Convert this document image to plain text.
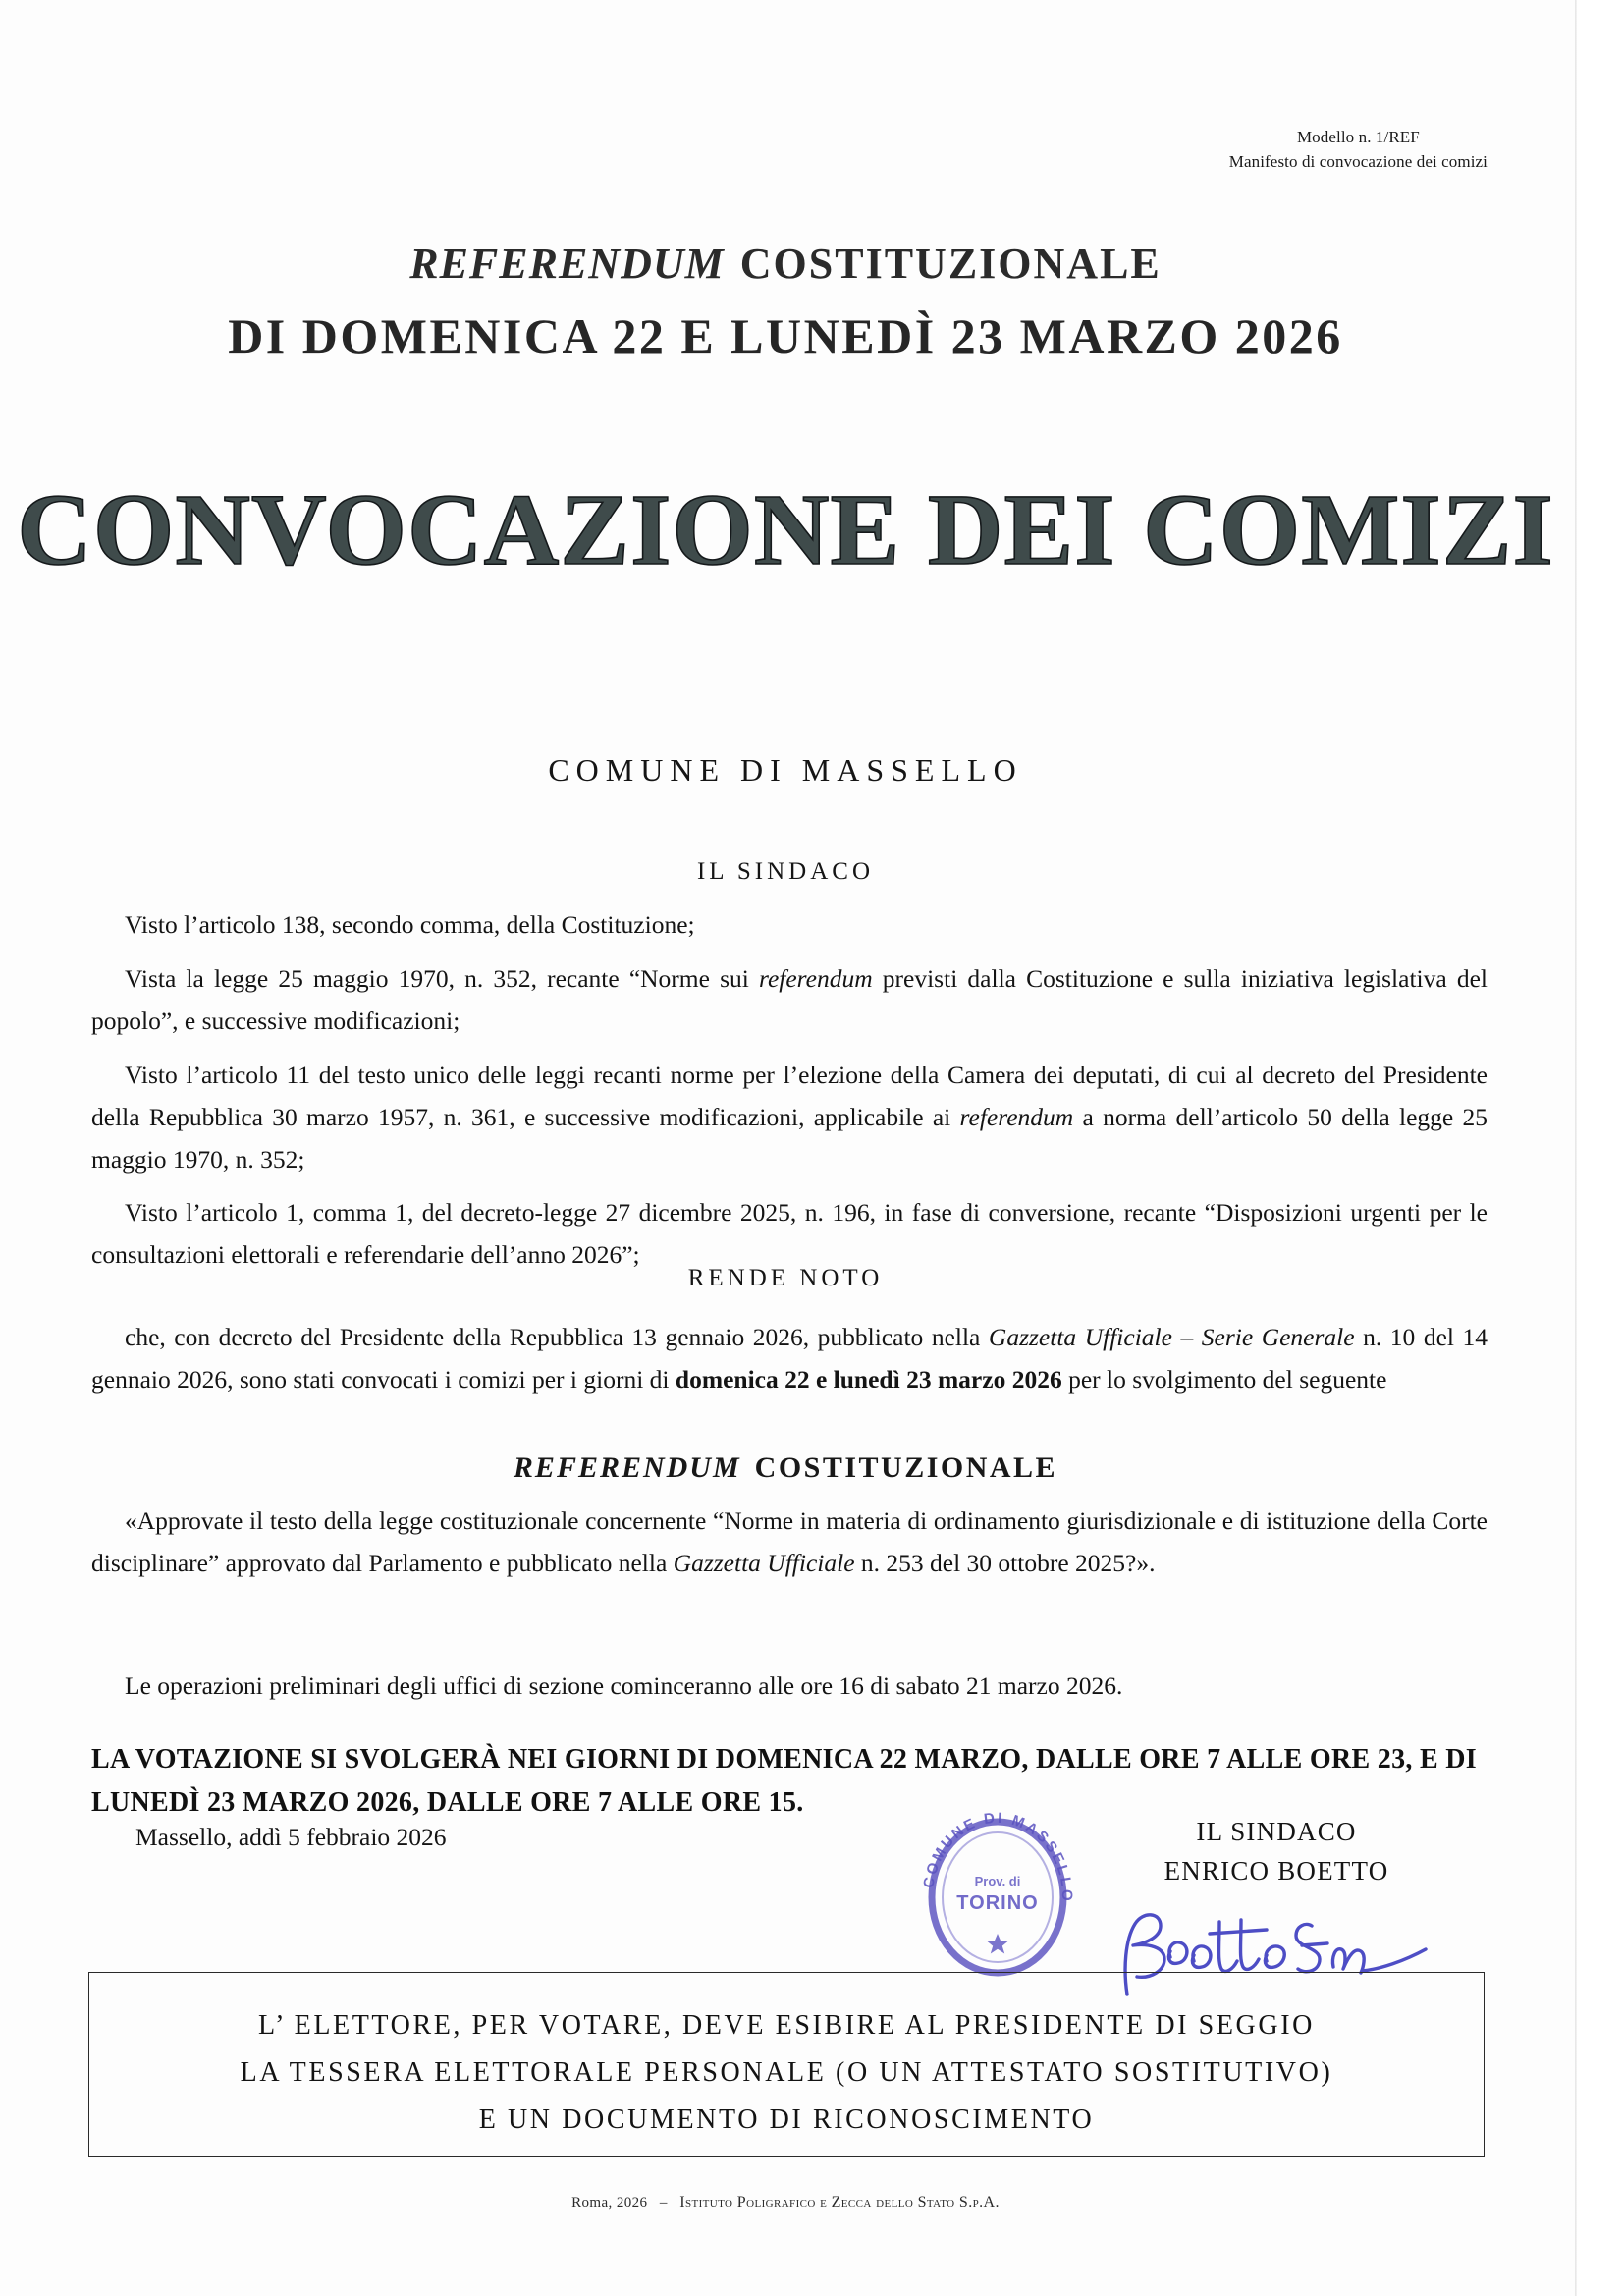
Modello n. 1/REF
Manifesto di convocazione dei comizi
REFERENDUM COSTITUZIONALE
DI DOMENICA 22 E LUNEDÌ 23 MARZO 2026
CONVOCAZIONE DEI COMIZI
COMUNE DI MASSELLO
IL SINDACO

Visto l’articolo 138, secondo comma, della Costituzione;

Vista la legge 25 maggio 1970, n. 352, recante “Norme sui referendum previsti dalla Costituzione e sulla iniziativa legislativa del popolo”, e successive modificazioni;

Visto l’articolo 11 del testo unico delle leggi recanti norme per l’elezione della Camera dei deputati, di cui al decreto del Presidente della Repubblica 30 marzo 1957, n. 361, e successive modificazioni, applicabile ai referendum a norma dell’articolo 50 della legge 25 maggio 1970, n. 352;

Visto l’articolo 1, comma 1, del decreto-legge 27 dicembre 2025, n. 196, in fase di conversione, recante “Disposizioni urgenti per le consultazioni elettorali e referendarie dell’anno 2026”;

RENDE NOTO

che, con decreto del Presidente della Repubblica 13 gennaio 2026, pubblicato nella Gazzetta Ufficiale – Serie Generale n. 10 del 14 gennaio 2026, sono stati convocati i comizi per i giorni di domenica 22 e lunedì 23 marzo 2026 per lo svolgimento del seguente

REFERENDUM COSTITUZIONALE

«Approvate il testo della legge costituzionale concernente “Norme in materia di ordinamento giurisdizionale e di istituzione della Corte disciplinare” approvato dal Parlamento e pubblicato nella Gazzetta Ufficiale n. 253 del 30 ottobre 2025?».

Le operazioni preliminari degli uffici di sezione cominceranno alle ore 16 di sabato 21 marzo 2026.

LA VOTAZIONE SI SVOLGERÀ NEI GIORNI DI DOMENICA 22 MARZO, DALLE ORE 7 ALLE ORE 23, E DI LUNEDÌ 23 MARZO 2026, DALLE ORE 7 ALLE ORE 15.
Massello, addì 5 febbraio 2026	IL SINDACO
ENRICO BOETTO
COMUNE DI MASSELLO
Prov. di
TORINO
L’ ELETTORE, PER VOTARE, DEVE ESIBIRE AL PRESIDENTE DI SEGGIO
LA TESSERA ELETTORALE PERSONALE (O UN ATTESTATO SOSTITUTIVO)
E UN DOCUMENTO DI RICONOSCIMENTO
Roma, 2026 – Istituto Poligrafico e Zecca dello Stato S.p.A.
